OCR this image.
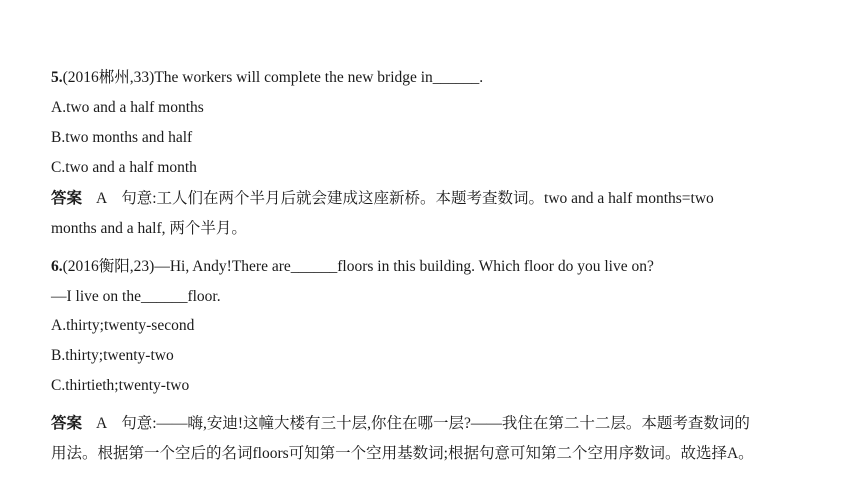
5.(2016郴州,33)The workers will complete the new bridge in______.
A.two and a half months
B.two months and half
C.two and a half month
答案 A 句意:工人们在两个半月后就会建成这座新桥。本题考查数词。two and a half months=two
months and a half, 两个半月。
6.(2016衡阳,23)—Hi, Andy!There are______floors in this building. Which floor do you live on?
—I live on the______floor.
A.thirty;twenty-second
B.thirty;twenty-two
C.thirtieth;twenty-two
答案 A 句意:——嗨,安迪!这幢大楼有三十层,你住在哪一层?——我住在第二十二层。本题考查数词的
用法。根据第一个空后的名词floors可知第一个空用基数词;根据句意可知第二个空用序数词。故选择A。
